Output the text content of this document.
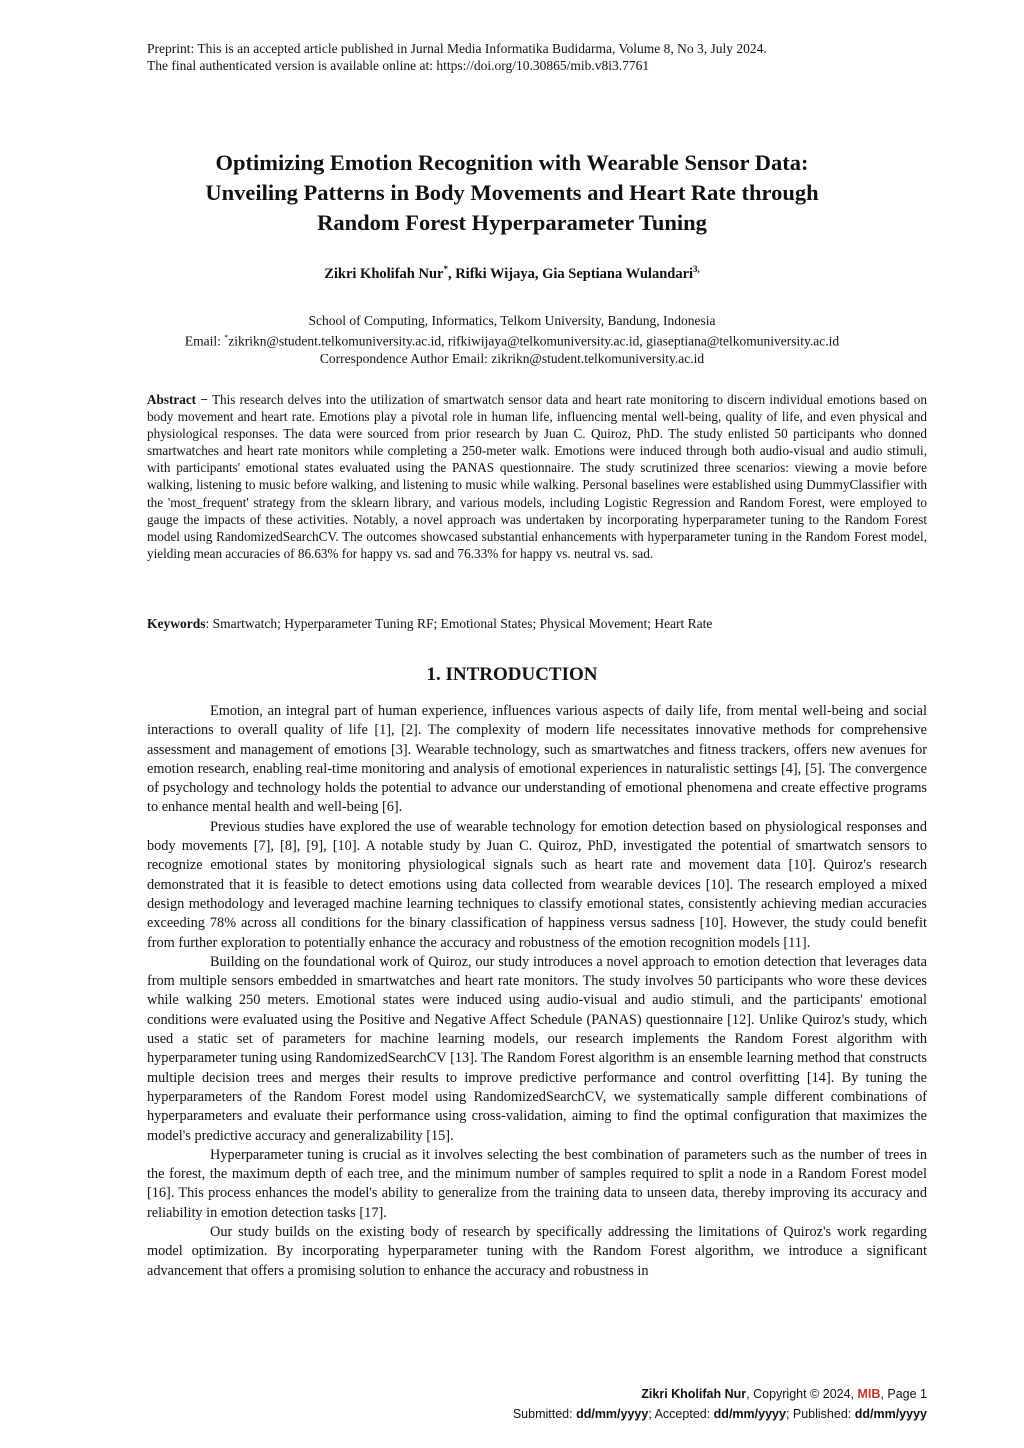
Preprint: This is an accepted article published in Jurnal Media Informatika Budidarma, Volume 8, No 3, July 2024.
The final authenticated version is available online at: https://doi.org/10.30865/mib.v8i3.7761
Optimizing Emotion Recognition with Wearable Sensor Data:
Unveiling Patterns in Body Movements and Heart Rate through
Random Forest Hyperparameter Tuning
Zikri Kholifah Nur*, Rifki Wijaya, Gia Septiana Wulandari$^{3,}$
School of Computing, Informatics, Telkom University, Bandung, Indonesia
Email: *zikrikn@student.telkomuniversity.ac.id, rifkiwijaya@telkomuniversity.ac.id, giaseptiana@telkomuniversity.ac.id
Correspondence Author Email: zikrikn@student.telkomuniversity.ac.id
Abstract − This research delves into the utilization of smartwatch sensor data and heart rate monitoring to discern individual emotions based on body movement and heart rate. Emotions play a pivotal role in human life, influencing mental well-being, quality of life, and even physical and physiological responses. The data were sourced from prior research by Juan C. Quiroz, PhD. The study enlisted 50 participants who donned smartwatches and heart rate monitors while completing a 250-meter walk. Emotions were induced through both audio-visual and audio stimuli, with participants' emotional states evaluated using the PANAS questionnaire. The study scrutinized three scenarios: viewing a movie before walking, listening to music before walking, and listening to music while walking. Personal baselines were established using DummyClassifier with the 'most_frequent' strategy from the sklearn library, and various models, including Logistic Regression and Random Forest, were employed to gauge the impacts of these activities. Notably, a novel approach was undertaken by incorporating hyperparameter tuning to the Random Forest model using RandomizedSearchCV. The outcomes showcased substantial enhancements with hyperparameter tuning in the Random Forest model, yielding mean accuracies of 86.63% for happy vs. sad and 76.33% for happy vs. neutral vs. sad.
Keywords: Smartwatch; Hyperparameter Tuning RF; Emotional States; Physical Movement; Heart Rate
1. INTRODUCTION

Emotion, an integral part of human experience, influences various aspects of daily life, from mental well-being and social interactions to overall quality of life [1], [2]. The complexity of modern life necessitates innovative methods for comprehensive assessment and management of emotions [3]. Wearable technology, such as smartwatches and fitness trackers, offers new avenues for emotion research, enabling real-time monitoring and analysis of emotional experiences in naturalistic settings [4], [5]. The convergence of psychology and technology holds the potential to advance our understanding of emotional phenomena and create effective programs to enhance mental health and well-being [6].

Previous studies have explored the use of wearable technology for emotion detection based on physiological responses and body movements [7], [8], [9], [10]. A notable study by Juan C. Quiroz, PhD, investigated the potential of smartwatch sensors to recognize emotional states by monitoring physiological signals such as heart rate and movement data [10]. Quiroz's research demonstrated that it is feasible to detect emotions using data collected from wearable devices [10]. The research employed a mixed design methodology and leveraged machine learning techniques to classify emotional states, consistently achieving median accuracies exceeding 78% across all conditions for the binary classification of happiness versus sadness [10]. However, the study could benefit from further exploration to potentially enhance the accuracy and robustness of the emotion recognition models [11].

Building on the foundational work of Quiroz, our study introduces a novel approach to emotion detection that leverages data from multiple sensors embedded in smartwatches and heart rate monitors. The study involves 50 participants who wore these devices while walking 250 meters. Emotional states were induced using audio-visual and audio stimuli, and the participants' emotional conditions were evaluated using the Positive and Negative Affect Schedule (PANAS) questionnaire [12]. Unlike Quiroz's study, which used a static set of parameters for machine learning models, our research implements the Random Forest algorithm with hyperparameter tuning using RandomizedSearchCV [13]. The Random Forest algorithm is an ensemble learning method that constructs multiple decision trees and merges their results to improve predictive performance and control overfitting [14]. By tuning the hyperparameters of the Random Forest model using RandomizedSearchCV, we systematically sample different combinations of hyperparameters and evaluate their performance using cross-validation, aiming to find the optimal configuration that maximizes the model's predictive accuracy and generalizability [15].

Hyperparameter tuning is crucial as it involves selecting the best combination of parameters such as the number of trees in the forest, the maximum depth of each tree, and the minimum number of samples required to split a node in a Random Forest model [16]. This process enhances the model's ability to generalize from the training data to unseen data, thereby improving its accuracy and reliability in emotion detection tasks [17].

Our study builds on the existing body of research by specifically addressing the limitations of Quiroz's work regarding model optimization. By incorporating hyperparameter tuning with the Random Forest algorithm, we introduce a significant advancement that offers a promising solution to enhance the accuracy and robustness in

Zikri Kholifah Nur, Copyright © 2024, MIB, Page 1
Submitted: dd/mm/yyyy; Accepted: dd/mm/yyyy; Published: dd/mm/yyyy
